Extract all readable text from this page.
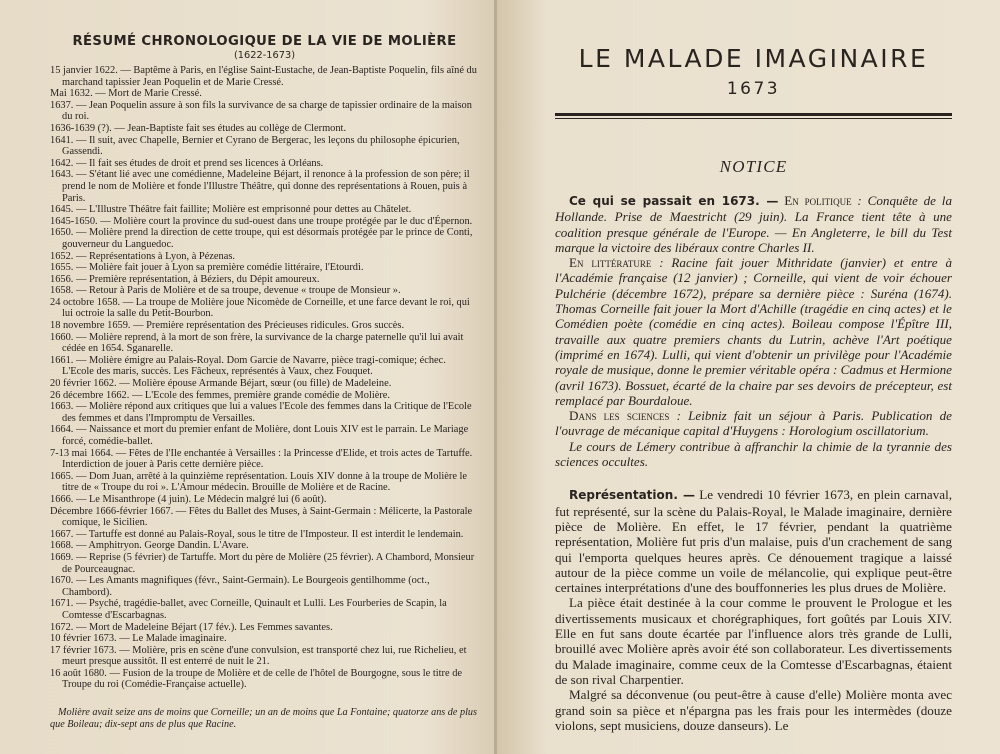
RÉSUMÉ CHRONOLOGIQUE DE LA VIE DE MOLIÈRE
(1622-1673)
15 janvier 1622. — Baptême à Paris, en l'église Saint-Eustache, de Jean-Baptiste Poquelin, fils aîné du marchand tapissier Jean Poquelin et de Marie Cressé.
Mai 1632. — Mort de Marie Cressé.
1637. — Jean Poquelin assure à son fils la survivance de sa charge de tapissier ordinaire de la maison du roi.
1636-1639 (?). — Jean-Baptiste fait ses études au collège de Clermont.
1641. — Il suit, avec Chapelle, Bernier et Cyrano de Bergerac, les leçons du philosophe épicurien, Gassendi.
1642. — Il fait ses études de droit et prend ses licences à Orléans.
1643. — S'étant lié avec une comédienne, Madeleine Béjart, il renonce à la profession de son père; il prend le nom de Molière et fonde l'Illustre Théâtre, qui donne des représentations à Rouen, puis à Paris.
1645. — L'Illustre Théâtre fait faillite; Molière est emprisonné pour dettes au Châtelet.
1645-1650. — Molière court la province du sud-ouest dans une troupe protégée par le duc d'Épernon.
1650. — Molière prend la direction de cette troupe, qui est désormais protégée par le prince de Conti, gouverneur du Languedoc.
1652. — Représentations à Lyon, à Pézenas.
1655. — Molière fait jouer à Lyon sa première comédie littéraire, l'Etourdi.
1656. — Première représentation, à Béziers, du Dépit amoureux.
1658. — Retour à Paris de Molière et de sa troupe, devenue « troupe de Monsieur ».
24 octobre 1658. — La troupe de Molière joue Nicomède de Corneille, et une farce devant le roi, qui lui octroie la salle du Petit-Bourbon.
18 novembre 1659. — Première représentation des Précieuses ridicules. Gros succès.
1660. — Molière reprend, à la mort de son frère, la survivance de la charge paternelle qu'il lui avait cédée en 1654. Sganarelle.
1661. — Molière émigre au Palais-Royal. Dom Garcie de Navarre, pièce tragi-comique; échec. L'Ecole des maris, succès. Les Fâcheux, représentés à Vaux, chez Fouquet.
20 février 1662. — Molière épouse Armande Béjart, sœur (ou fille) de Madeleine.
26 décembre 1662. — L'Ecole des femmes, première grande comédie de Molière.
1663. — Molière répond aux critiques que lui a values l'Ecole des femmes dans la Critique de l'Ecole des femmes et dans l'Impromptu de Versailles.
1664. — Naissance et mort du premier enfant de Molière, dont Louis XIV est le parrain. Le Mariage forcé, comédie-ballet.
7-13 mai 1664. — Fêtes de l'Ile enchantée à Versailles : la Princesse d'Elide, et trois actes de Tartuffe. Interdiction de jouer à Paris cette dernière pièce.
1665. — Dom Juan, arrêté à la quinzième représentation. Louis XIV donne à la troupe de Molière le titre de « Troupe du roi ». L'Amour médecin. Brouille de Molière et de Racine.
1666. — Le Misanthrope (4 juin). Le Médecin malgré lui (6 août).
Décembre 1666-février 1667. — Fêtes du Ballet des Muses, à Saint-Germain : Mélicerte, la Pastorale comique, le Sicilien.
1667. — Tartuffe est donné au Palais-Royal, sous le titre de l'Imposteur. Il est interdit le lendemain.
1668. — Amphitryon. George Dandin. L'Avare.
1669. — Reprise (5 février) de Tartuffe. Mort du père de Molière (25 février). A Chambord, Monsieur de Pourceaugnac.
1670. — Les Amants magnifiques (févr., Saint-Germain). Le Bourgeois gentilhomme (oct., Chambord).
1671. — Psyché, tragédie-ballet, avec Corneille, Quinault et Lulli. Les Fourberies de Scapin, la Comtesse d'Escarbagnas.
1672. — Mort de Madeleine Béjart (17 fév.). Les Femmes savantes.
10 février 1673. — Le Malade imaginaire.
17 février 1673. — Molière, pris en scène d'une convulsion, est transporté chez lui, rue Richelieu, et meurt presque aussitôt. Il est enterré de nuit le 21.
16 août 1680. — Fusion de la troupe de Molière et de celle de l'hôtel de Bourgogne, sous le titre de Troupe du roi (Comédie-Française actuelle).

Molière avait seize ans de moins que Corneille; un an de moins que La Fontaine; quatorze ans de plus que Boileau; dix-sept ans de plus que Racine.

LE MALADE IMAGINAIRE
1673
NOTICE

Ce qui se passait en 1673. — En politique : Conquête de la Hollande. Prise de Maestricht (29 juin). La France tient tête à une coalition presque générale de l'Europe. — En Angleterre, le bill du Test marque la victoire des libéraux contre Charles II.

En littérature : Racine fait jouer Mithridate (janvier) et entre à l'Académie française (12 janvier) ; Corneille, qui vient de voir échouer Pulchérie (décembre 1672), prépare sa dernière pièce : Suréna (1674). Thomas Corneille fait jouer la Mort d'Achille (tragédie en cinq actes) et le Comédien poète (comédie en cinq actes). Boileau compose l'Épître III, travaille aux quatre premiers chants du Lutrin, achève l'Art poétique (imprimé en 1674). Lulli, qui vient d'obtenir un privilège pour l'Académie royale de musique, donne le premier véritable opéra : Cadmus et Hermione (avril 1673). Bossuet, écarté de la chaire par ses devoirs de précepteur, est remplacé par Bourdaloue.

Dans les sciences : Leibniz fait un séjour à Paris. Publication de l'ouvrage de mécanique capital d'Huygens : Horologium oscillatorium.

Le cours de Lémery contribue à affranchir la chimie de la tyrannie des sciences occultes.

Représentation. — Le vendredi 10 février 1673, en plein carnaval, fut représenté, sur la scène du Palais-Royal, le Malade imaginaire, dernière pièce de Molière. En effet, le 17 février, pendant la quatrième représentation, Molière fut pris d'un malaise, puis d'un crachement de sang qui l'emporta quelques heures après. Ce dénouement tragique a laissé autour de la pièce comme un voile de mélancolie, qui explique peut-être certaines interprétations d'une des bouffonneries les plus drues de Molière.

La pièce était destinée à la cour comme le prouvent le Prologue et les divertissements musicaux et chorégraphiques, fort goûtés par Louis XIV. Elle en fut sans doute écartée par l'influence alors très grande de Lulli, brouillé avec Molière après avoir été son collaborateur. Les divertissements du Malade imaginaire, comme ceux de la Comtesse d'Escarbagnas, étaient de son rival Charpentier.

Malgré sa déconvenue (ou peut-être à cause d'elle) Molière monta avec grand soin sa pièce et n'épargna pas les frais pour les intermèdes (douze violons, sept musiciens, douze danseurs). Le
